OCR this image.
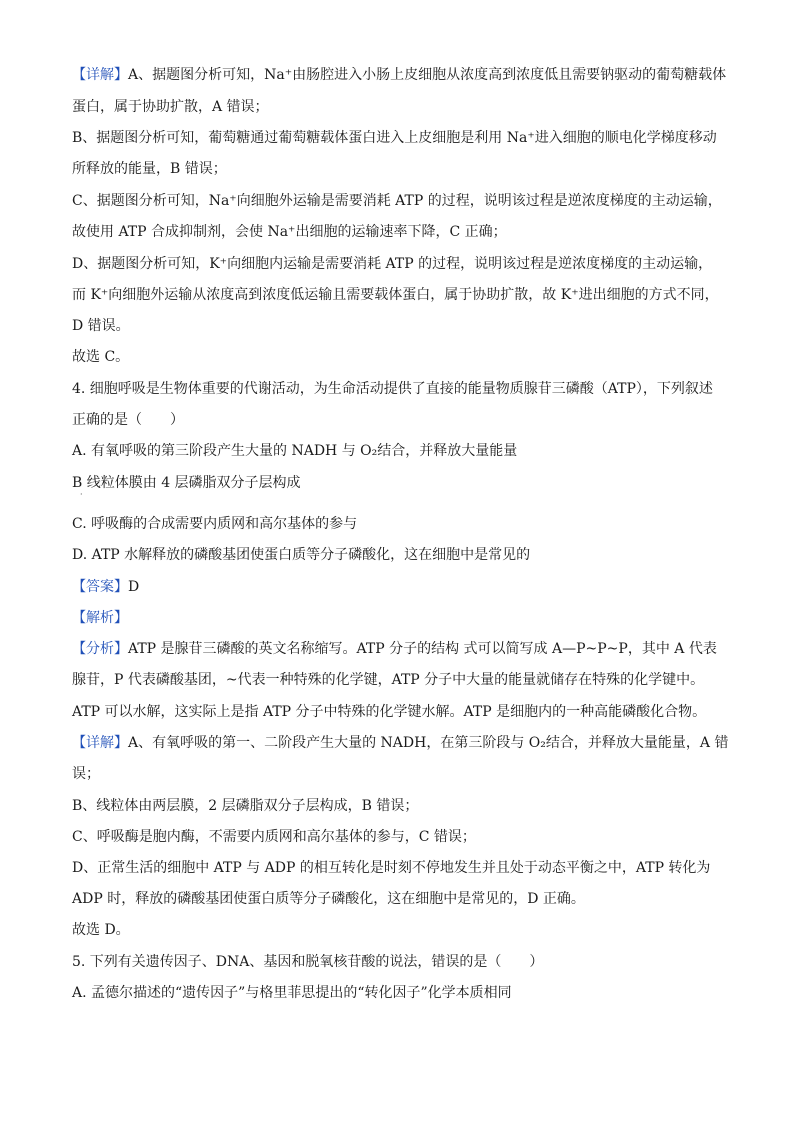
【详解】A、据题图分析可知，Na⁺由肠腔进入小肠上皮细胞从浓度高到浓度低且需要钠驱动的葡萄糖载体
蛋白，属于协助扩散，A 错误；
B、据题图分析可知，葡萄糖通过葡萄糖载体蛋白进入上皮细胞是利用 Na⁺进入细胞的顺电化学梯度移动
所释放的能量，B 错误；
C、据题图分析可知，Na⁺向细胞外运输是需要消耗 ATP 的过程，说明该过程是逆浓度梯度的主动运输，
故使用 ATP 合成抑制剂，会使 Na⁺出细胞的运输速率下降，C 正确；
D、据题图分析可知，K⁺向细胞内运输是需要消耗 ATP 的过程，说明该过程是逆浓度梯度的主动运输，
而 K⁺向细胞外运输从浓度高到浓度低运输且需要载体蛋白，属于协助扩散，故 K⁺进出细胞的方式不同，
D 错误。
故选 C。
4. 细胞呼吸是生物体重要的代谢活动，为生命活动提供了直接的能量物质腺苷三磷酸（ATP），下列叙述
正确的是（　　）
A. 有氧呼吸的第三阶段产生大量的 NADH 与 O₂结合，并释放大量能量
B 线粒体膜由 4 层磷脂双分子层构成
C. 呼吸酶的合成需要内质网和高尔基体的参与
D. ATP 水解释放的磷酸基团使蛋白质等分子磷酸化，这在细胞中是常见的
【答案】D
【解析】
【分析】ATP 是腺苷三磷酸的英文名称缩写。ATP 分子的结构 式可以简写成 A—P~P~P，其中 A 代表
腺苷，P 代表磷酸基团，~代表一种特殊的化学键，ATP 分子中大量的能量就储存在特殊的化学键中。
ATP 可以水解，这实际上是指 ATP 分子中特殊的化学键水解。ATP 是细胞内的一种高能磷酸化合物。
【详解】A、有氧呼吸的第一、二阶段产生大量的 NADH，在第三阶段与 O₂结合，并释放大量能量，A 错
误；
B、线粒体由两层膜，2 层磷脂双分子层构成，B 错误；
C、呼吸酶是胞内酶，不需要内质网和高尔基体的参与，C 错误；
D、正常生活的细胞中 ATP 与 ADP 的相互转化是时刻不停地发生并且处于动态平衡之中，ATP 转化为
ADP 时，释放的磷酸基团使蛋白质等分子磷酸化，这在细胞中是常见的，D 正确。
故选 D。
5. 下列有关遗传因子、DNA、基因和脱氧核苷酸的说法，错误的是（　　）
A. 孟德尔描述的“遗传因子”与格里菲思提出的“转化因子”化学本质相同
·
